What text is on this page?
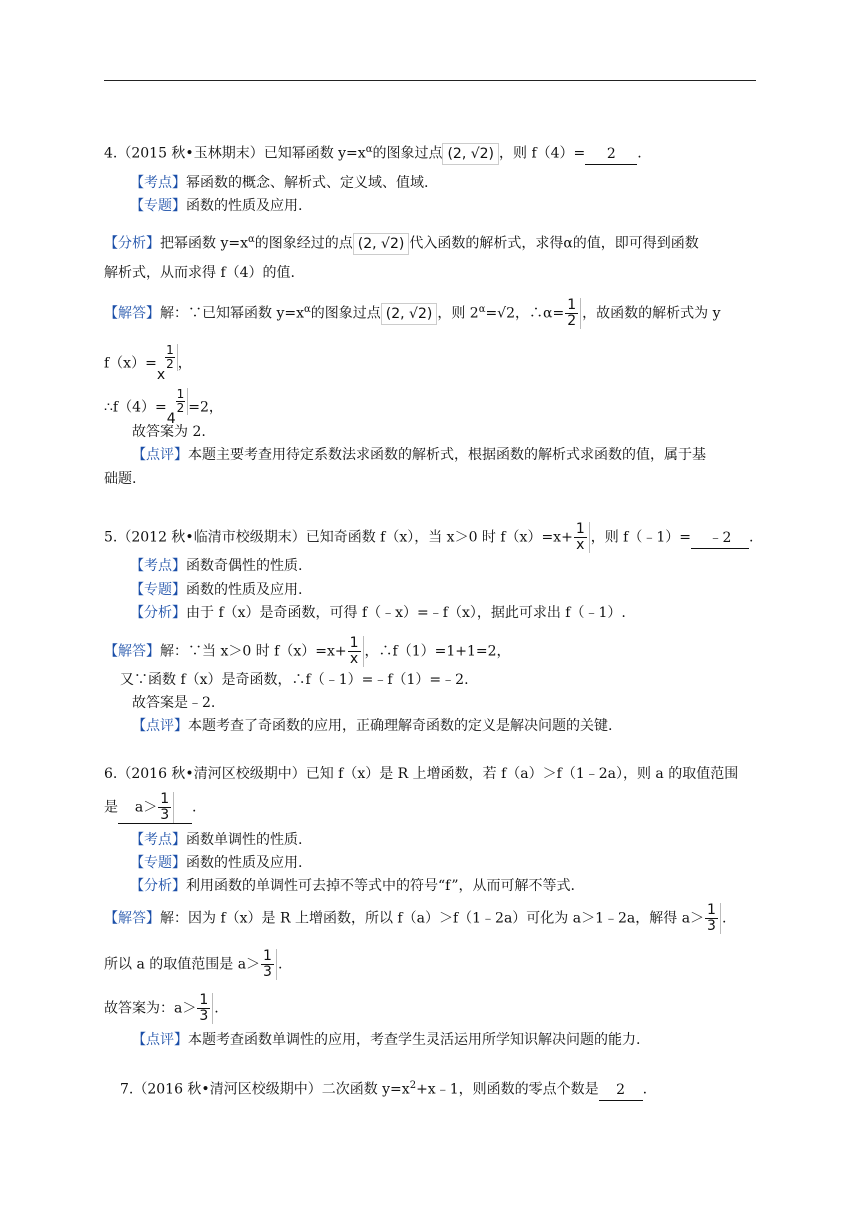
4.（2015 秋•玉林期末）已知幂函数 $y=x^\alpha$的图象过点 (2, √2) ，则 f（4）= 2 .
【考点】幂函数的概念、解析式、定义域、值域.
【专题】函数的性质及应用.
【分析】把幂函数 $y=x^\alpha$的图象经过的点 (2, √2) 代入函数的解析式，求得α的值，即可得到函数
解析式，从而求得 f（4）的值.
【解答】解：∵已知幂函数 $y=x^\alpha$的图象过点 (2, √2) ，则 $2^\alpha=√2$，∴α= $\frac{1}{2}$ ，故函数的解析式为 y
f（x）=
x
1
2 ，
∴f（4）=
4
1
2 =2，
故答案为 2.
【点评】本题主要考查用待定系数法求函数的解析式，根据函数的解析式求函数的值，属于基
础题.
5.（2012 秋•临清市校级期末）已知奇函数 f（x），当 x＞0 时 $f(x)=x+ \frac{1}{x}$ ，则 f（﹣1）= ﹣2 .
【考点】函数奇偶性的性质.
【专题】函数的性质及应用.
【分析】由于 f（x）是奇函数，可得 f（﹣x）=﹣f（x），据此可求出 f（﹣1）.
【解答】解：∵当 x＞0 时 $f(x)=x+ \frac{1}{x}$ ，∴f（1）=1+1=2，
又∵函数 f（x）是奇函数，∴f（﹣1）=﹣f（1）=﹣2.
故答案是﹣2.
【点评】本题考查了奇函数的应用，正确理解奇函数的定义是解决问题的关键.
6.（2016 秋•清河区校级期中）已知 f（x）是 R 上增函数，若 f（a）＞f（1﹣2a），则 a 的取值范围
是 $a> \frac{1}{3}$ .
【考点】函数单调性的性质.
【专题】函数的性质及应用.
【分析】利用函数的单调性可去掉不等式中的符号“f”，从而可解不等式.
【解答】解：因为 f（x）是 R 上增函数，所以 f（a）＞f（1﹣2a）可化为 a＞1﹣2a，解得 $a> \frac{1}{3}$ .
所以 a 的取值范围是 $a> \frac{1}{3}$ .
故答案为：$a> \frac{1}{3}$ .
【点评】本题考查函数单调性的应用，考查学生灵活运用所学知识解决问题的能力.
7.（2016 秋•清河区校级期中）二次函数 $y=x^2+x﹣1$，则函数的零点个数是 2 .
